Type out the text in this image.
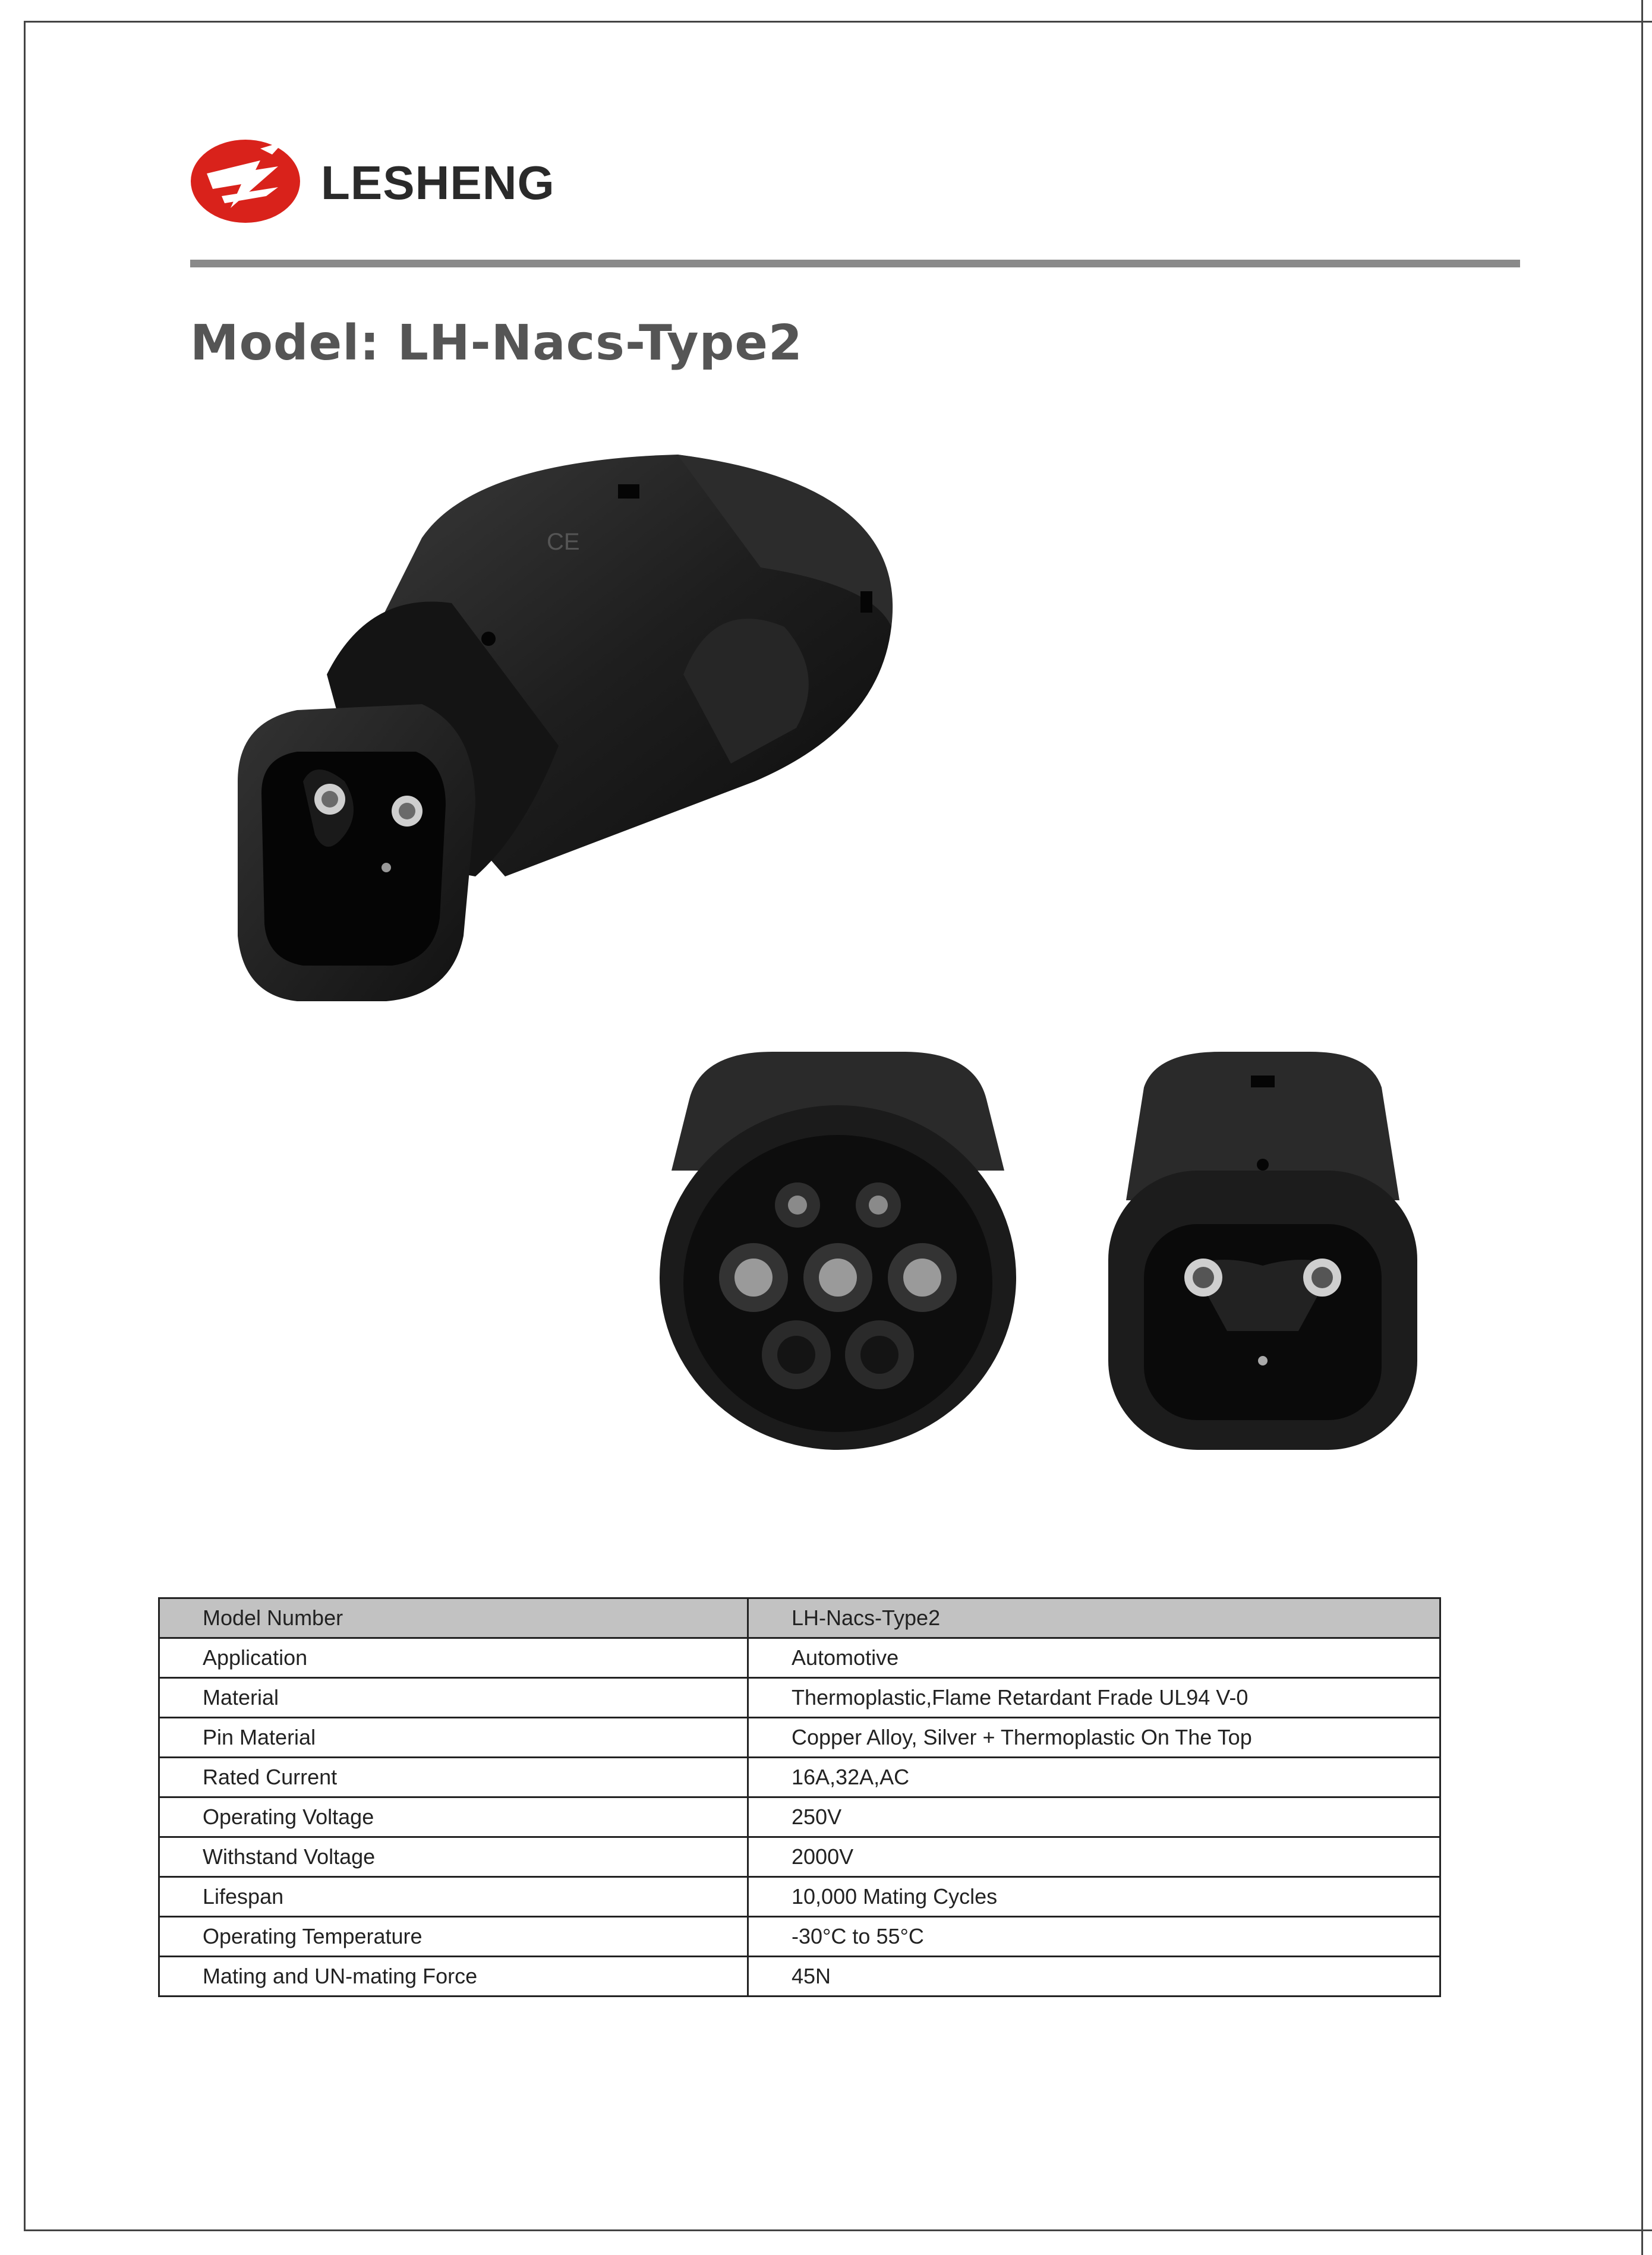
LESHENG
Model: LH-Nacs-Type2
CE
Model Number	LH-Nacs-Type2
Application	Automotive
Material	Thermoplastic,Flame Retardant Frade UL94 V-0
Pin Material	Copper Alloy, Silver + Thermoplastic On The Top
Rated Current	16A,32A,AC
Operating Voltage	250V
Withstand Voltage	2000V
Lifespan	10,000 Mating Cycles
Operating Temperature	-30°C to 55°C
Mating and UN-mating Force	45N
